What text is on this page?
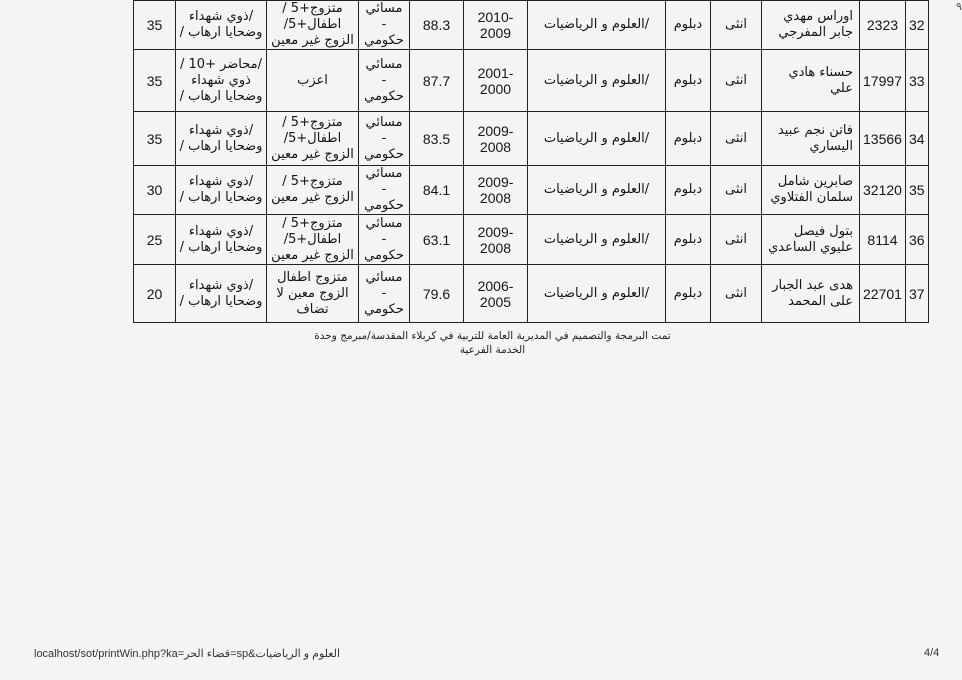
٩
32	2323	اوراس مهدي جابر المفرجي	انثى	دبلوم	/العلوم و الرياضيات	2010-2009	88.3	مسائي - حكومي	متزوج+5 / اطفال+5/ الزوج غير معين	/ذوي شهداء وضحايا ارهاب /	35
33	17997	حسناء هادي علي	انثى	دبلوم	/العلوم و الرياضيات	2001-2000	87.7	مسائي - حكومي	اعزب	/محاضر +10 /ذوي شهداء وضحايا ارهاب /	35
34	13566	فاتن نجم عبيد اليساري	انثى	دبلوم	/العلوم و الرياضيات	2009-2008	83.5	مسائي - حكومي	متزوج+5 / اطفال+5/ الزوج غير معين	/ذوي شهداء وضحايا ارهاب /	35
35	32120	صابرين شامل سلمان الفتلاوي	انثى	دبلوم	/العلوم و الرياضيات	2009-2008	84.1	مسائي - حكومي	متزوج+5 / الزوج غير معين	/ذوي شهداء وضحايا ارهاب /	30
36	8114	بتول فيصل عليوي الساعدي	انثى	دبلوم	/العلوم و الرياضيات	2009-2008	63.1	مسائي - حكومي	متزوج+5 / اطفال+5/ الزوج غير معين	/ذوي شهداء وضحايا ارهاب /	25
37	22701	هدى عبد الجبار على المحمد	انثى	دبلوم	/العلوم و الرياضيات	2006-2005	79.6	مسائي - حكومي	متزوج اطفال الزوج معين لا تضاف	/ذوي شهداء وضحايا ارهاب /	20
تمت البرمجة والتصميم في المديرية العامة للتربية في كربلاء المقدسة/مبرمج وحدة الخدمة الفرعية
localhost/sot/printWin.php?ka=العلوم و الرياضيات&sp=قضاء الحر	4/4
